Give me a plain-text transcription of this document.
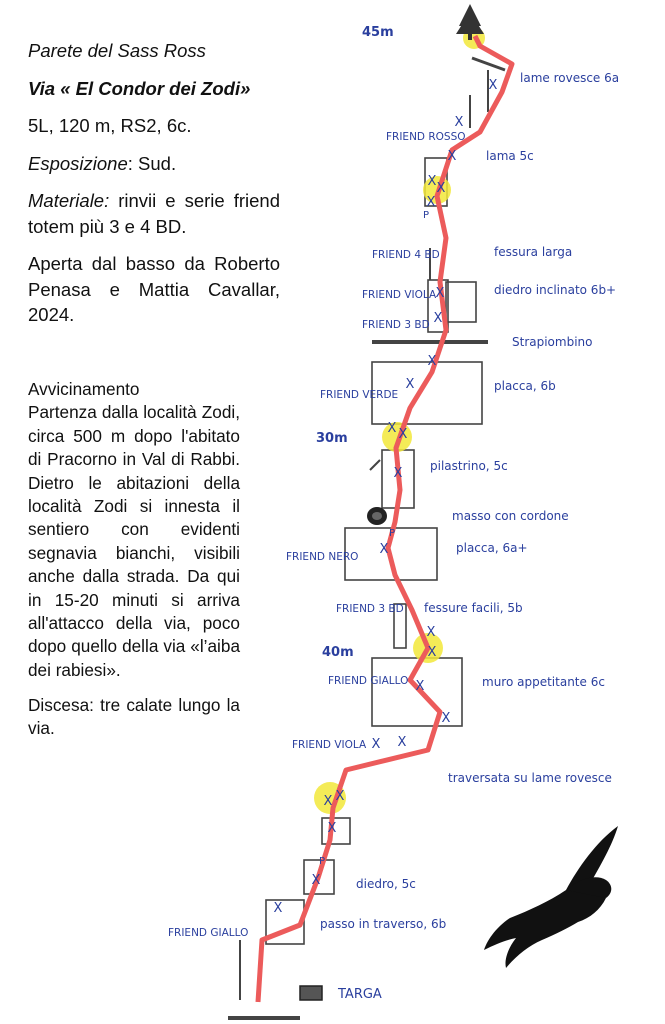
Parete del Sass Ross

Via « El Condor dei Zodi»

5L, 120 m, RS2, 6c.

Esposizione: Sud.

Materiale: rinvii e serie friend totem più 3 e 4 BD.

Aperta dal basso da Roberto Penasa e Mattia Cavallar, 2024.

Avvicinamento

Partenza dalla località Zodi, circa 500 m dopo l'abitato di Pracorno in Val di Rabbi. Dietro le abitazioni della località Zodi si innesta il sentiero con evidenti segnavia bianchi, visibili anche dalla strada. Da qui in 15-20 minuti si arriva all'attacco della via, poco dopo quello della via «l’aiba dei rabiesi».

Discesa: tre calate lungo la via.

X
X
X
X X
X
X
X
X
X
X X
X
X
X
X
X
X
X X
X X
X
X
X
P
P
P
45m
30m
40m
FRIEND ROSSO
FRIEND 4 BD
FRIEND VIOLA
FRIEND 3 BD
FRIEND VERDE
FRIEND NERO
FRIEND 3 BD
FRIEND GIALLO
FRIEND VIOLA
FRIEND GIALLO
lame rovesce 6a
lama 5c
fessura larga
diedro inclinato 6b+
Strapiombino
placca, 6b
pilastrino, 5c
masso con cordone
placca, 6a+
fessure facili, 5b
muro appetitante 6c
traversata su lame rovesce
diedro, 5c
passo in traverso, 6b
TARGA
